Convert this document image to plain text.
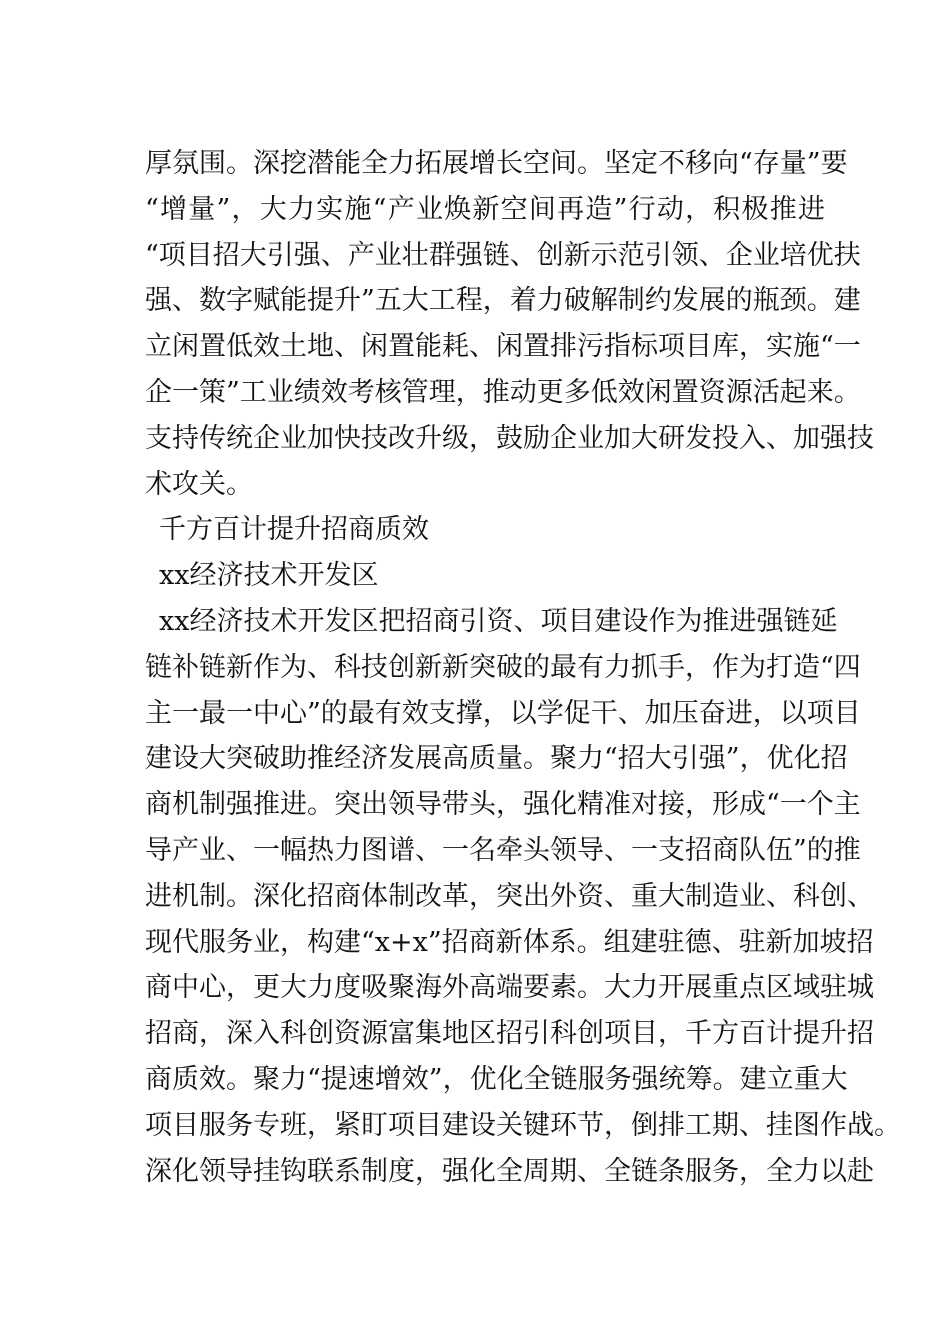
厚氛围。深挖潜能全力拓展增长空间。坚定不移向“存量”要
“增量”，大力实施“产业焕新空间再造”行动，积极推进
“项目招大引强、产业壮群强链、创新示范引领、企业培优扶
强、数字赋能提升”五大工程，着力破解制约发展的瓶颈。建
立闲置低效土地、闲置能耗、闲置排污指标项目库，实施“一
企一策”工业绩效考核管理，推动更多低效闲置资源活起来。
支持传统企业加快技改升级，鼓励企业加大研发投入、加强技
术攻关。

千方百计提升招商质效

xx经济技术开发区

xx经济技术开发区把招商引资、项目建设作为推进强链延
链补链新作为、科技创新新突破的最有力抓手，作为打造“四
主一最一中心”的最有效支撑，以学促干、加压奋进，以项目
建设大突破助推经济发展高质量。聚力“招大引强”，优化招
商机制强推进。突出领导带头，强化精准对接，形成“一个主
导产业、一幅热力图谱、一名牵头领导、一支招商队伍”的推
进机制。深化招商体制改革，突出外资、重大制造业、科创、
现代服务业，构建“x+x”招商新体系。组建驻德、驻新加坡招
商中心，更大力度吸聚海外高端要素。大力开展重点区域驻城
招商，深入科创资源富集地区招引科创项目，千方百计提升招
商质效。聚力“提速增效”，优化全链服务强统筹。建立重大
项目服务专班，紧盯项目建设关键环节，倒排工期、挂图作战。
深化领导挂钩联系制度，强化全周期、全链条服务，全力以赴
